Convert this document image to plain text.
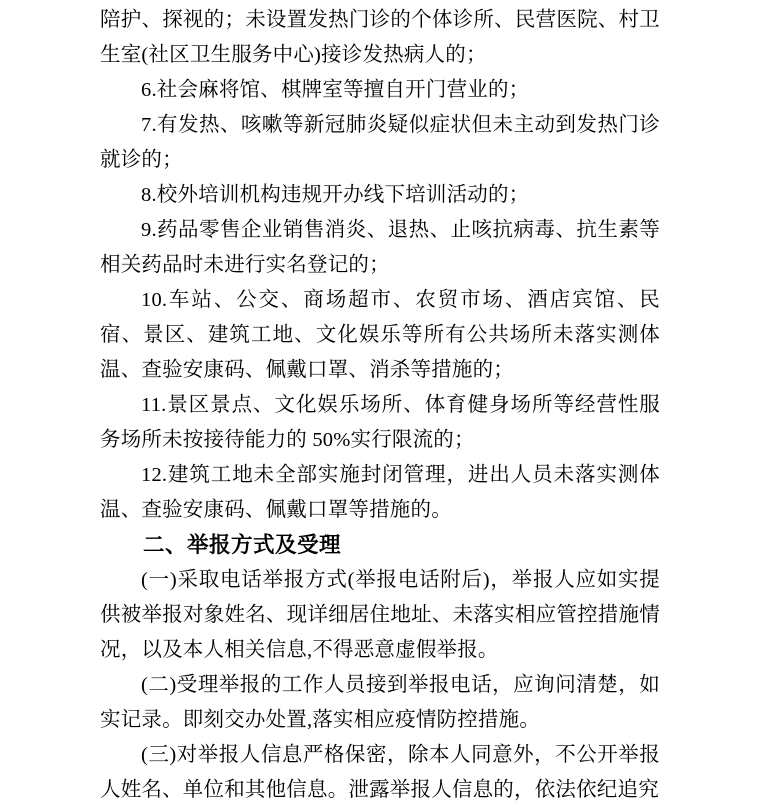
陪护、探视的；未设置发热门诊的个体诊所、民营医院、村卫生室(社区卫生服务中心)接诊发热病人的；

6.社会麻将馆、棋牌室等擅自开门营业的；

7.有发热、咳嗽等新冠肺炎疑似症状但未主动到发热门诊就诊的；

8.校外培训机构违规开办线下培训活动的；

9.药品零售企业销售消炎、退热、止咳抗病毒、抗生素等相关药品时未进行实名登记的；

10.车站、公交、商场超市、农贸市场、酒店宾馆、民宿、景区、建筑工地、文化娱乐等所有公共场所未落实测体温、查验安康码、佩戴口罩、消杀等措施的；

11.景区景点、文化娱乐场所、体育健身场所等经营性服务场所未按接待能力的 50%实行限流的；

12.建筑工地未全部实施封闭管理，进出人员未落实测体温、查验安康码、佩戴口罩等措施的。

二、举报方式及受理

(一)采取电话举报方式(举报电话附后)，举报人应如实提供被举报对象姓名、现详细居住地址、未落实相应管控措施情况，以及本人相关信息,不得恶意虚假举报。

(二)受理举报的工作人员接到举报电话，应询问清楚，如实记录。即刻交办处置,落实相应疫情防控措施。

(三)对举报人信息严格保密，除本人同意外，不公开举报人姓名、单位和其他信息。泄露举报人信息的，依法依纪追究
